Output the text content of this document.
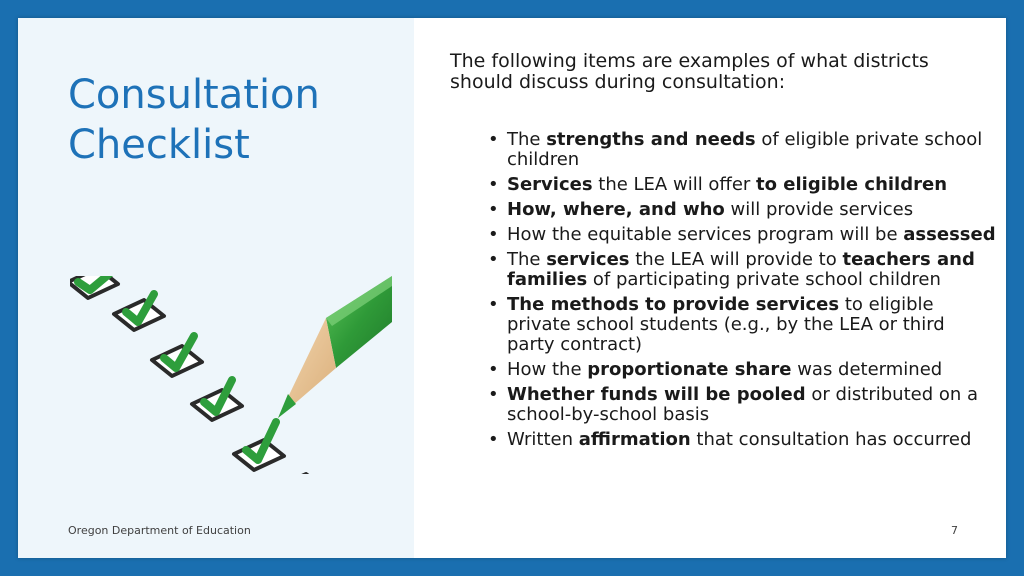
Consultation
Checklist
Oregon Department of Education

The following items are examples of what districts should discuss during consultation:

• The strengths and needs of eligible private school children
• Services the LEA will offer to eligible children
• How, where, and who will provide services
• How the equitable services program will be assessed
• The services the LEA will provide to teachers and families of participating private school children
• The methods to provide services to eligible private school students (e.g., by the LEA or third party contract)
• How the proportionate share was determined
• Whether funds will be pooled or distributed on a school-by-school basis
• Written affirmation that consultation has occurred
7
